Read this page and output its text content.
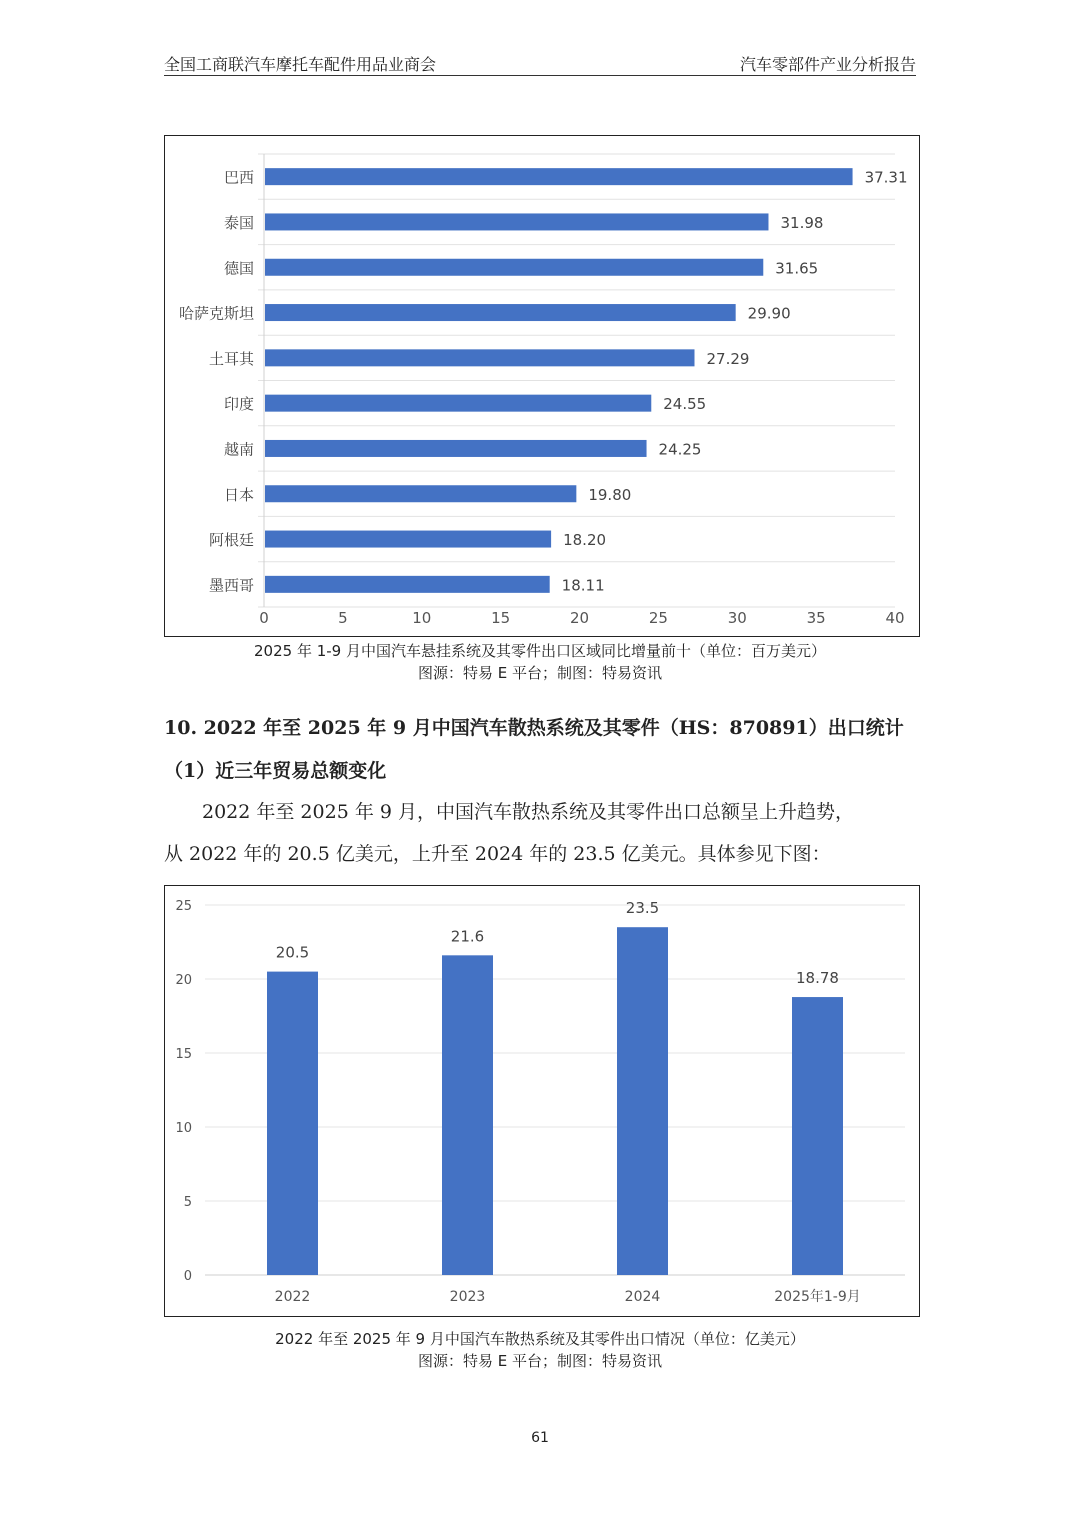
全国工商联汽车摩托车配件用品业商会	汽车零部件产业分析报告
巴西	37.31
泰国	31.98
德国	31.65
哈萨克斯坦	29.90
土耳其	27.29
印度	24.55
越南	24.25
日本	19.80
阿根廷	18.20
墨西哥	18.11
0	5	10	15	20	25	30	35	40
2025 年 1-9 月中国汽车悬挂系统及其零件出口区域同比增量前十（单位：百万美元）
图源：特易 E 平台；制图：特易资讯
10. 2022 年至 2025 年 9 月中国汽车散热系统及其零件（HS：870891）出口统计
（1）近三年贸易总额变化
2022 年至 2025 年 9 月，中国汽车散热系统及其零件出口总额呈上升趋势，
从 2022 年的 20.5 亿美元，上升至 2024 年的 23.5 亿美元。具体参见下图：
0
5
10
15
20
25
20.5
2022
21.6
2023
23.5
2024
18.78
2025年1-9月
2022 年至 2025 年 9 月中国汽车散热系统及其零件出口情况（单位：亿美元）
图源：特易 E 平台；制图：特易资讯
61
